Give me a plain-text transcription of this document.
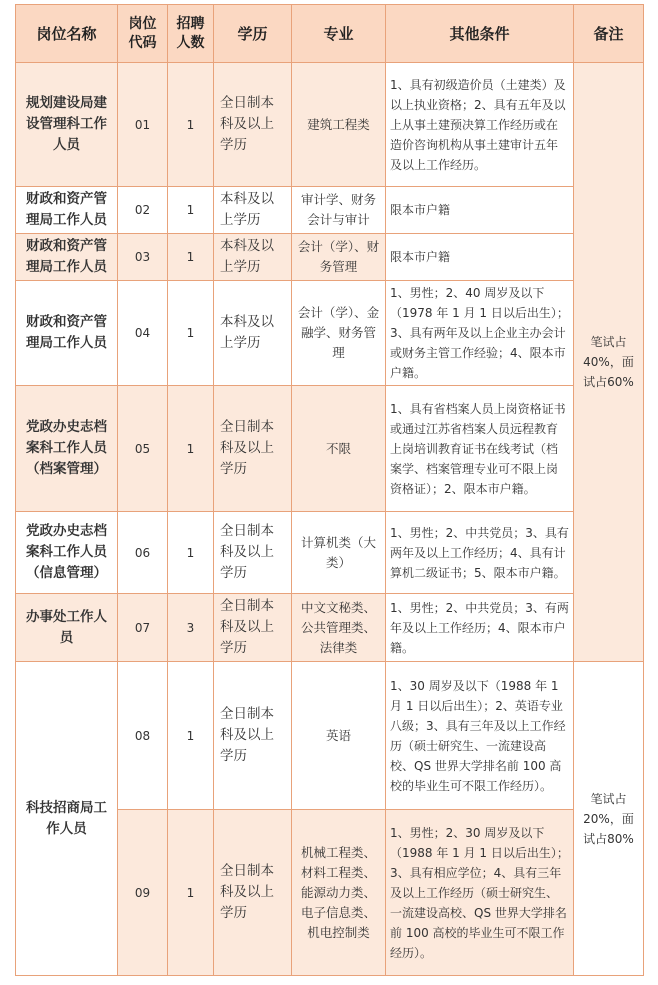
岗位名称	岗位代码	招聘人数	学历	专业	其他条件	备注
规划建设局建设管理科工作人员	01	1	全日制本科及以上学历	建筑工程类	1、具有初级造价员（土建类）及以上执业资格；2、具有五年及以上从事土建预决算工作经历或在造价咨询机构从事土建审计五年及以上工作经历。	笔试占40%，面试占60%
财政和资产管理局工作人员	02	1	本科及以上学历	审计学、财务会计与审计	限本市户籍	
财政和资产管理局工作人员	03	1	本科及以上学历	会计（学）、财务管理	限本市户籍	
财政和资产管理局工作人员	04	1	本科及以上学历	会计（学）、金融学、财务管理	1、男性；2、40 周岁及以下（1978 年 1 月 1 日以后出生）；3、具有两年及以上企业主办会计或财务主管工作经验；4、限本市户籍。	
党政办史志档案科工作人员（档案管理）	05	1	全日制本科及以上学历	不限	1、具有省档案人员上岗资格证书或通过江苏省档案人员远程教育上岗培训教育证书在线考试（档案学、档案管理专业可不限上岗资格证）；2、限本市户籍。	
党政办史志档案科工作人员（信息管理）	06	1	全日制本科及以上学历	计算机类（大类）	1、男性；2、中共党员；3、具有两年及以上工作经历；4、具有计算机二级证书；5、限本市户籍。	
办事处工作人员	07	3	全日制本科及以上学历	中文文秘类、公共管理类、法律类	1、男性；2、中共党员；3、有两年及以上工作经历；4、限本市户籍。	
科技招商局工作人员	08	1	全日制本科及以上学历	英语	1、30 周岁及以下（1988 年 1 月 1 日以后出生）；2、英语专业八级；3、具有三年及以上工作经历（硕士研究生、一流建设高校、QS 世界大学排名前 100 高校的毕业生可不限工作经历）。	笔试占20%，面试占80%
	09	1	全日制本科及以上学历	机械工程类、材料工程类、能源动力类、电子信息类、机电控制类	1、男性；2、30 周岁及以下（1988 年 1 月 1 日以后出生）；3、具有相应学位；4、具有三年及以上工作经历（硕士研究生、一流建设高校、QS 世界大学排名前 100 高校的毕业生可不限工作经历）。	
